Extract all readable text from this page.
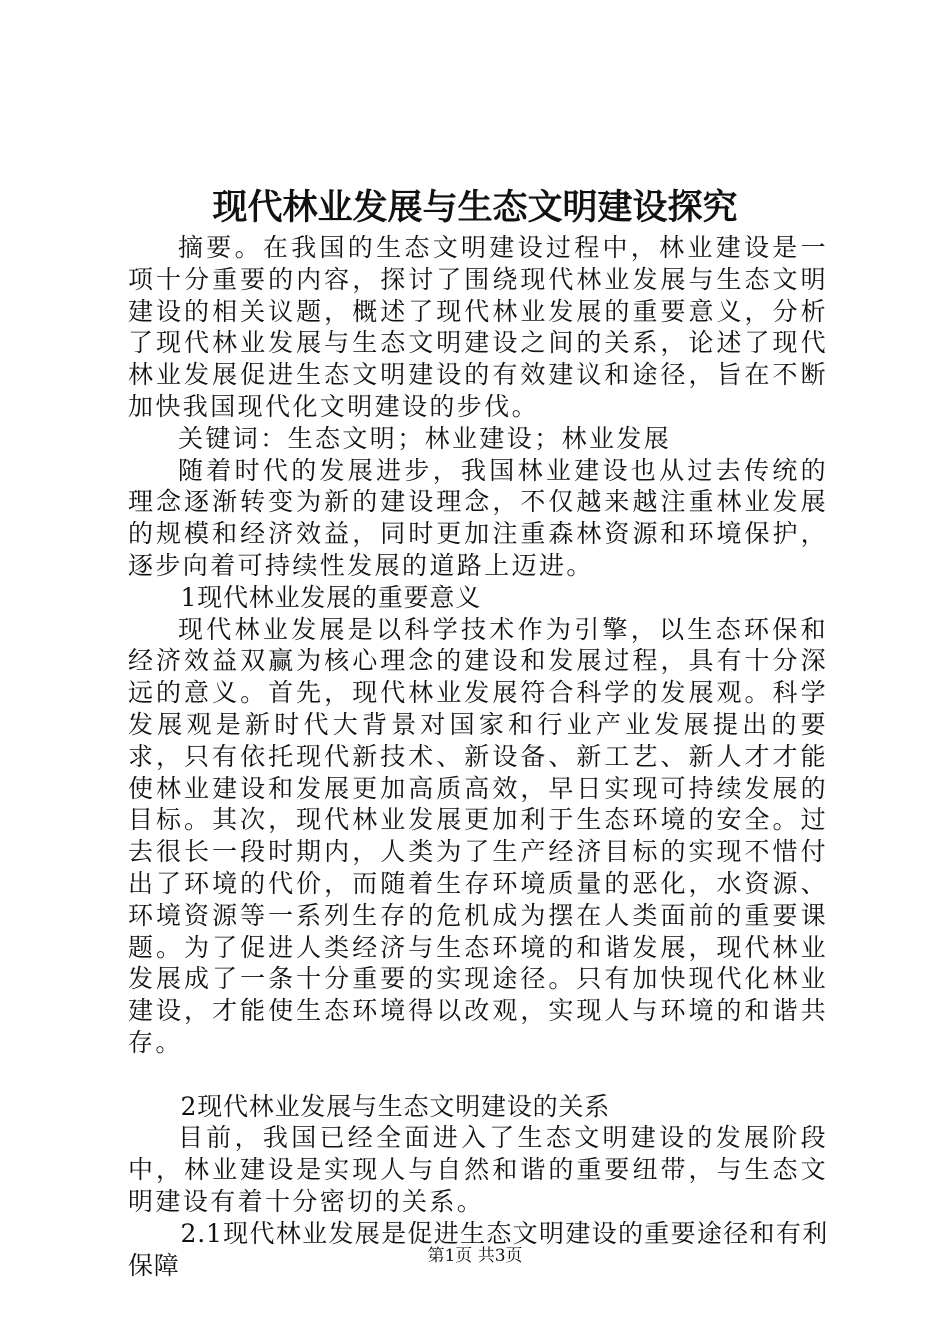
现代林业发展与生态文明建设探究

摘要。在我国的生态文明建设过程中，林业建设是一项十分重要的内容，探讨了围绕现代林业发展与生态文明建设的相关议题，概述了现代林业发展的重要意义，分析了现代林业发展与生态文明建设之间的关系，论述了现代林业发展促进生态文明建设的有效建议和途径，旨在不断加快我国现代化文明建设的步伐。

关键词：生态文明；林业建设；林业发展

随着时代的发展进步，我国林业建设也从过去传统的理念逐渐转变为新的建设理念，不仅越来越注重林业发展的规模和经济效益，同时更加注重森林资源和环境保护，逐步向着可持续性发展的道路上迈进。

1现代林业发展的重要意义

现代林业发展是以科学技术作为引擎，以生态环保和经济效益双赢为核心理念的建设和发展过程，具有十分深远的意义。首先，现代林业发展符合科学的发展观。科学发展观是新时代大背景对国家和行业产业发展提出的要求，只有依托现代新技术、新设备、新工艺、新人才才能使林业建设和发展更加高质高效，早日实现可持续发展的目标。其次，现代林业发展更加利于生态环境的安全。过去很长一段时期内，人类为了生产经济目标的实现不惜付出了环境的代价，而随着生存环境质量的恶化，水资源、环境资源等一系列生存的危机成为摆在人类面前的重要课题。为了促进人类经济与生态环境的和谐发展，现代林业发展成了一条十分重要的实现途径。只有加快现代化林业建设，才能使生态环境得以改观，实现人与环境的和谐共存。

2现代林业发展与生态文明建设的关系

目前，我国已经全面进入了生态文明建设的发展阶段中，林业建设是实现人与自然和谐的重要纽带，与生态文明建设有着十分密切的关系。

2.1现代林业发展是促进生态文明建设的重要途径和有利保障	第1页 共3页
